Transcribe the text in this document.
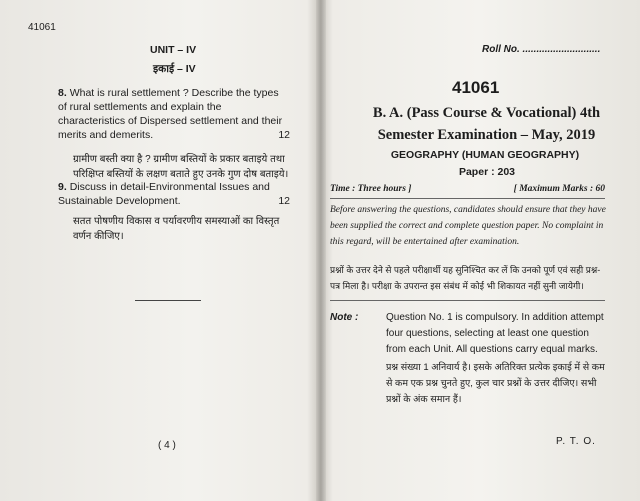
41061
UNIT – IV
इकाई – IV
8. What is rural settlement ? Describe the types of rural settlements and explain the characteristics of Dispersed settlement and their merits and demerits.	12
ग्रामीण बस्ती क्या है ? ग्रामीण बस्तियों के प्रकार बताइये तथा परिक्षिप्त बस्तियों के लक्षण बताते हुए उनके गुण दोष बताइये।
9. Discuss in detail-Environmental Issues and Sustainable Development.	12
सतत पोषणीय विकास व पर्यावरणीय समस्याओं का विस्तृत वर्णन कीजिए।
( 4 )
Roll No. ............................
41061
B. A. (Pass Course & Vocational) 4th
Semester Examination – May, 2019
GEOGRAPHY (HUMAN GEOGRAPHY)
Paper : 203
Time : Three hours ]	[ Maximum Marks : 60
Before answering the questions, candidates should ensure that they have been supplied the correct and complete question paper. No complaint in this regard, will be entertained after examination.
प्रश्नों के उत्तर देने से पहले परीक्षार्थी यह सुनिश्चित कर लें कि उनको पूर्ण एवं सही प्रश्न-पत्र मिला है। परीक्षा के उपरान्त इस संबंध में कोई भी शिकायत नहीं सुनी जायेगी।
Note :	Question No. 1 is compulsory. In addition attempt four questions, selecting at least one question from each Unit. All questions carry equal marks.
प्रश्न संख्या 1 अनिवार्य है। इसके अतिरिक्त प्रत्येक इकाई में से कम से कम एक प्रश्न चुनते हुए, कुल चार प्रश्नों के उत्तर दीजिए। सभी प्रश्नों के अंक समान हैं।
P. T. O.
